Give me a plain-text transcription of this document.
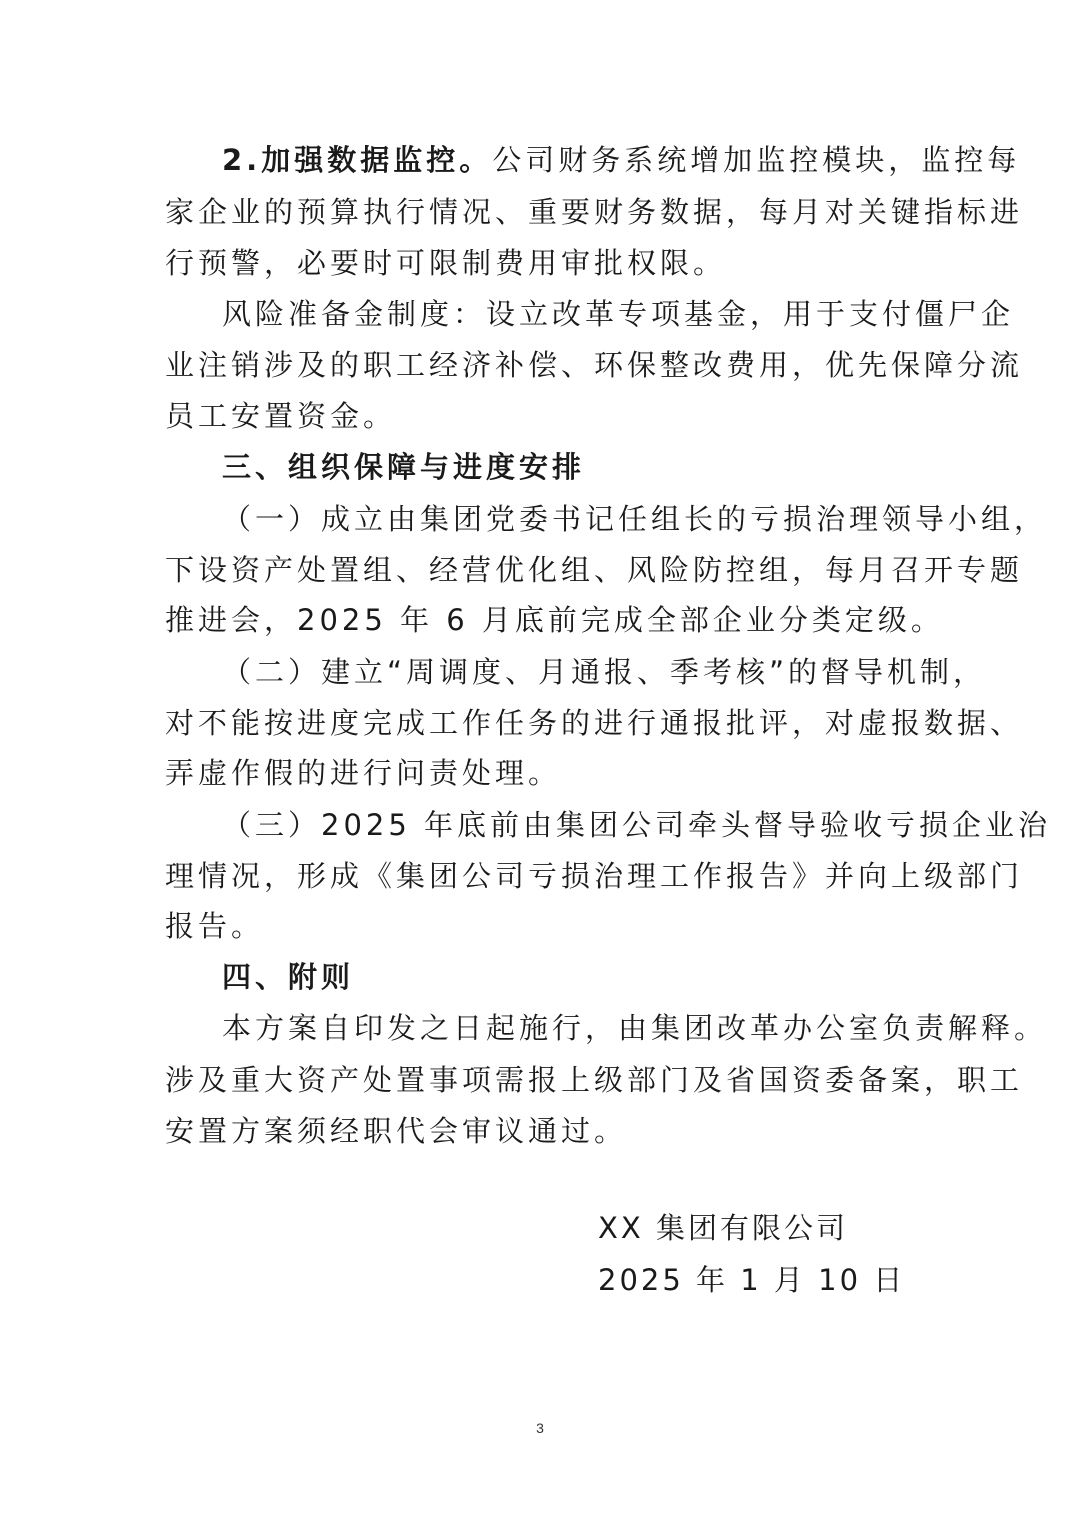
2.加强数据监控。公司财务系统增加监控模块，监控每
家企业的预算执行情况、重要财务数据，每月对关键指标进
行预警，必要时可限制费用审批权限。
风险准备金制度：设立改革专项基金，用于支付僵尸企
业注销涉及的职工经济补偿、环保整改费用，优先保障分流
员工安置资金。
三、组织保障与进度安排
（一）成立由集团党委书记任组长的亏损治理领导小组，
下设资产处置组、经营优化组、风险防控组，每月召开专题
推进会，2025 年 6 月底前完成全部企业分类定级。
（二）建立“周调度、月通报、季考核”的督导机制，
对不能按进度完成工作任务的进行通报批评，对虚报数据、
弄虚作假的进行问责处理。
（三）2025 年底前由集团公司牵头督导验收亏损企业治
理情况，形成《集团公司亏损治理工作报告》并向上级部门
报告。
四、附则
本方案自印发之日起施行，由集团改革办公室负责解释。
涉及重大资产处置事项需报上级部门及省国资委备案，职工
安置方案须经职代会审议通过。
XX 集团有限公司
2025 年 1 月 10 日
3
